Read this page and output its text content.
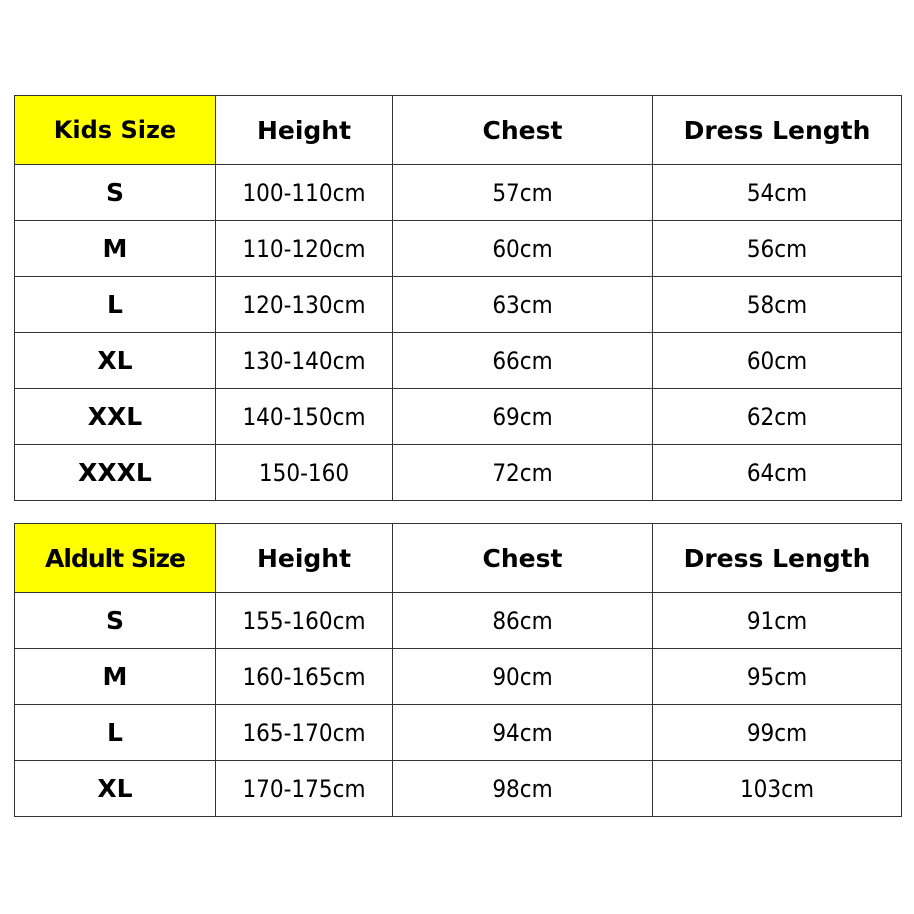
Kids Size	Height	Chest	Dress Length
S	100-110cm	57cm	54cm
M	110-120cm	60cm	56cm
L	120-130cm	63cm	58cm
XL	130-140cm	66cm	60cm
XXL	140-150cm	69cm	62cm
XXXL	150-160	72cm	64cm
Aldult Size	Height	Chest	Dress Length
S	155-160cm	86cm	91cm
M	160-165cm	90cm	95cm
L	165-170cm	94cm	99cm
XL	170-175cm	98cm	103cm
